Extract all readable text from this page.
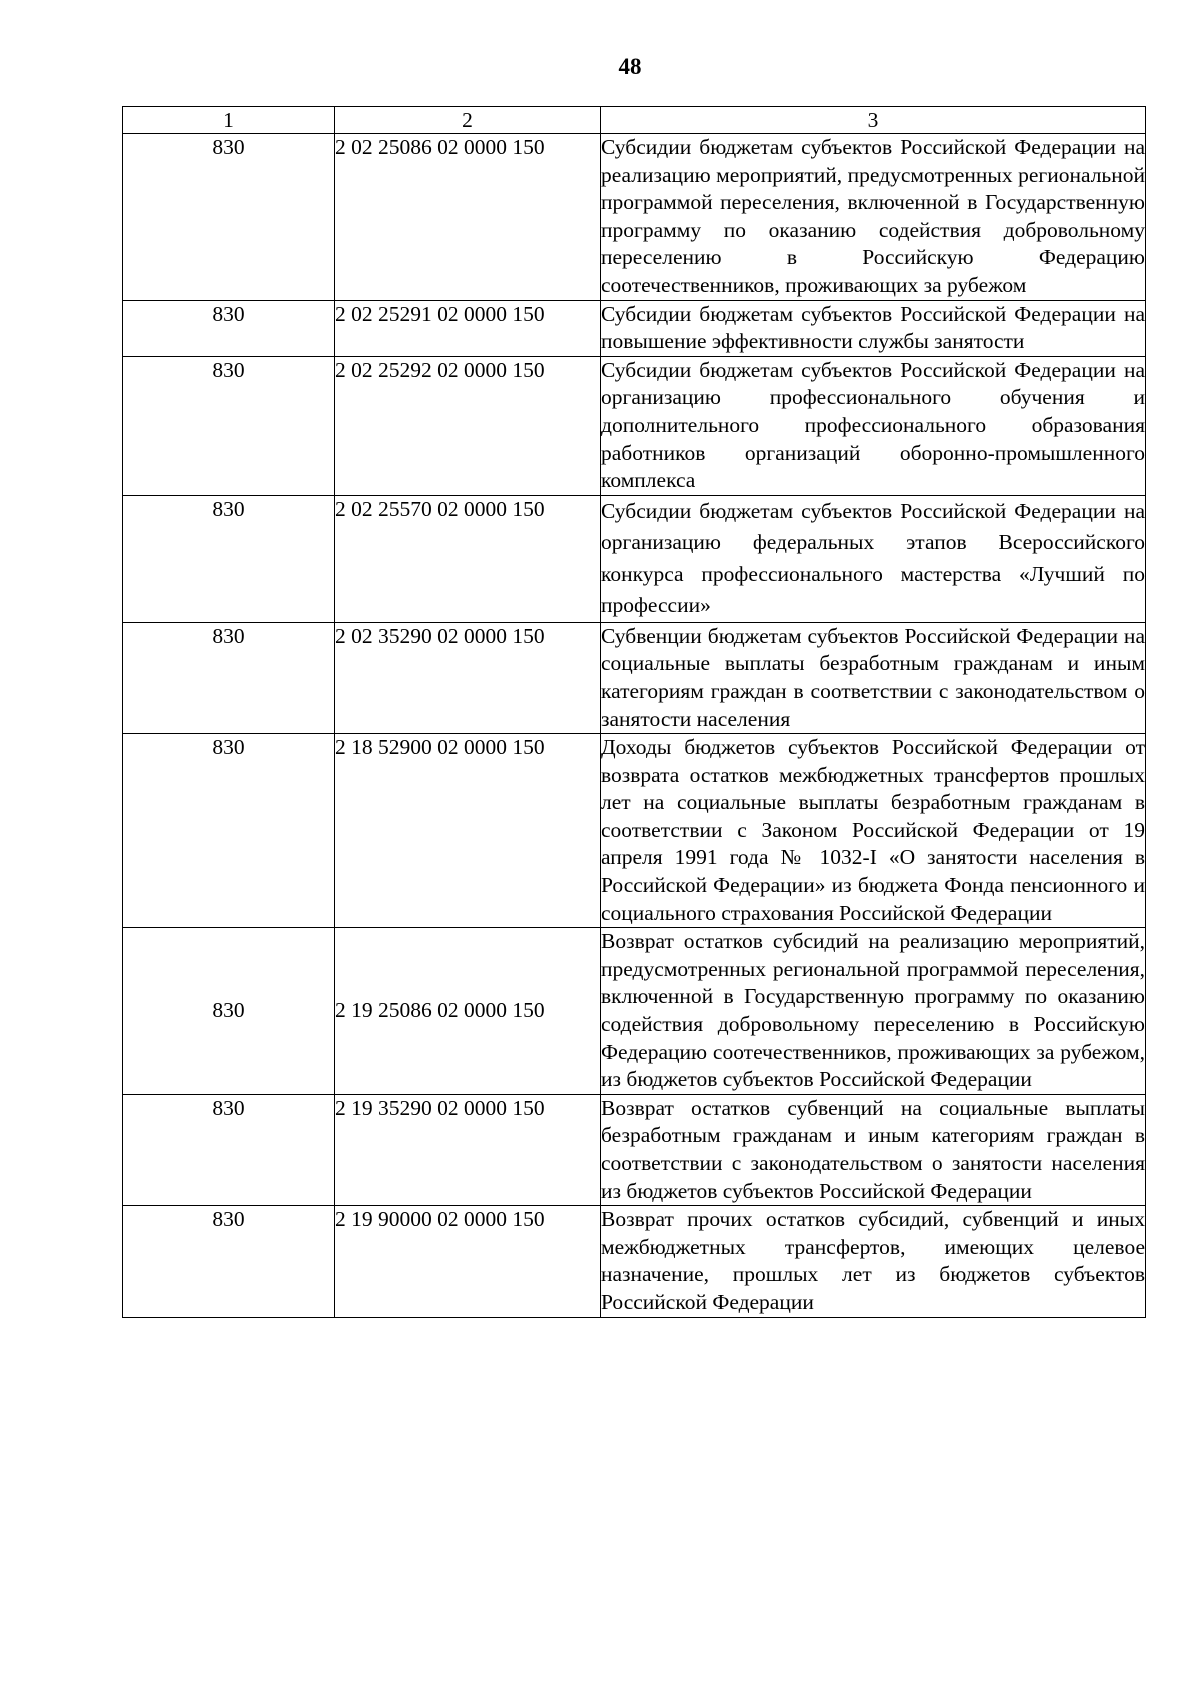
48
1	2	3
830	2 02 25086 02 0000 150	Субсидии бюджетам субъектов Российской Федерации на реализацию мероприятий, предусмотренных региональной программой переселения, включенной в Государственную программу по оказанию содействия добровольному переселению в Российскую Федерацию соотечественников, проживающих за рубежом
830	2 02 25291 02 0000 150	Субсидии бюджетам субъектов Российской Федерации на повышение эффективности службы занятости
830	2 02 25292 02 0000 150	Субсидии бюджетам субъектов Российской Федерации на организацию профессионального обучения и дополнительного профессионального образования работников организаций оборонно-промышленного комплекса
830	2 02 25570 02 0000 150	Субсидии бюджетам субъектов Российской Федерации на организацию федеральных этапов Всероссийского конкурса профессионального мастерства «Лучший по профессии»
830	2 02 35290 02 0000 150	Субвенции бюджетам субъектов Российской Федерации на социальные выплаты безработным гражданам и иным категориям граждан в соответствии с законодательством о занятости населения
830	2 18 52900 02 0000 150	Доходы бюджетов субъектов Российской Федерации от возврата остатков межбюджетных трансфертов прошлых лет на социальные выплаты безработным гражданам в соответствии с Законом Российской Федерации от 19 апреля 1991 года № 1032-I «О занятости населения в Российской Федерации» из бюджета Фонда пенсионного и социального страхования Российской Федерации
830	2 19 25086 02 0000 150	Возврат остатков субсидий на реализацию мероприятий, предусмотренных региональной программой переселения, включенной в Государственную программу по оказанию содействия добровольному переселению в Российскую Федерацию соотечественников, проживающих за рубежом, из бюджетов субъектов Российской Федерации
830	2 19 35290 02 0000 150	Возврат остатков субвенций на социальные выплаты безработным гражданам и иным категориям граждан в соответствии с законодательством о занятости населения из бюджетов субъектов Российской Федерации
830	2 19 90000 02 0000 150	Возврат прочих остатков субсидий, субвенций и иных межбюджетных трансфертов, имеющих целевое назначение, прошлых лет из бюджетов субъектов Российской Федерации
